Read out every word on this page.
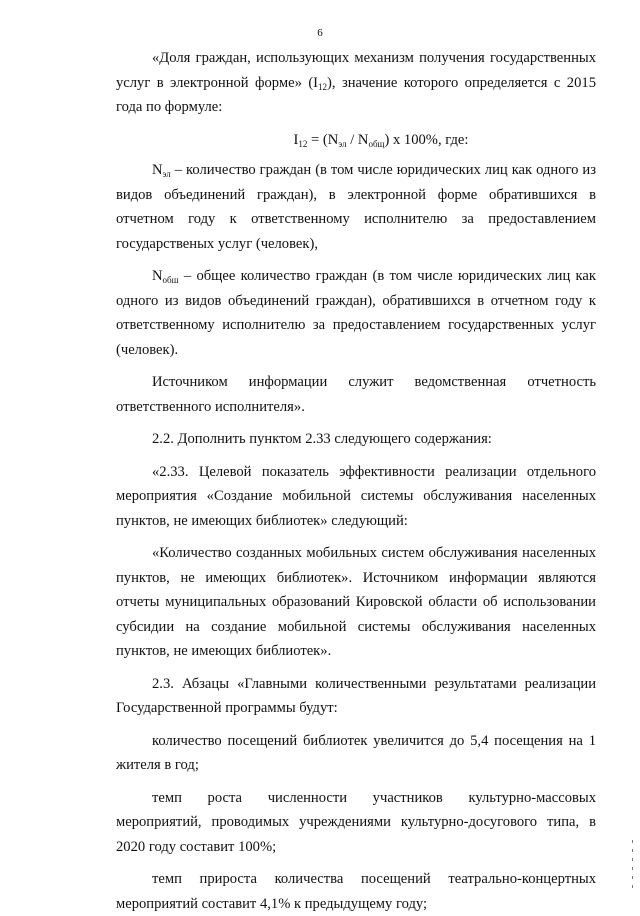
6

«Доля граждан, использующих механизм получения государственных услуг в электронной форме» $(I_{12})$, значение которого определяется с 2015 года по формуле:

$I_{12} = (N_{эл} / N_{общ})$ х 100%, где:

$N_{эл}$ – количество граждан (в том числе юридических лиц как одного из видов объединений граждан), в электронной форме обратившихся в отчетном году к ответственному исполнителю за предоставлением государственых услуг (человек),

$N_{обш}$ – общее количество граждан (в том числе юридических лиц как одного из видов объединений граждан), обратившихся в отчетном году к ответственному исполнителю за предоставлением государственных услуг (человек).

Источником информации служит ведомственная отчетность ответственного исполнителя».

2.2. Дополнить пунктом 2.33 следующего содержания:

«2.33. Целевой показатель эффективности реализации отдельного мероприятия «Создание мобильной системы обслуживания населенных пунктов, не имеющих библиотек» следующий:

«Количество созданных мобильных систем обслуживания населенных пунктов, не имеющих библиотек». Источником информации являются отчеты муниципальных образований Кировской области об использовании субсидии на создание мобильной системы обслуживания населенных пунктов, не имеющих библиотек».

2.3. Абзацы «Главными количественными результатами реализации Государственной программы будут:

количество посещений библиотек увеличится до 5,4 посещения на 1 жителя в год;

темп роста численности участников культурно-массовых мероприятий, проводимых учреждениями культурно-досугового типа, в 2020 году составит 100%;

темп прироста количества посещений театрально-концертных мероприятий составит 4,1% к предыдущему году;
